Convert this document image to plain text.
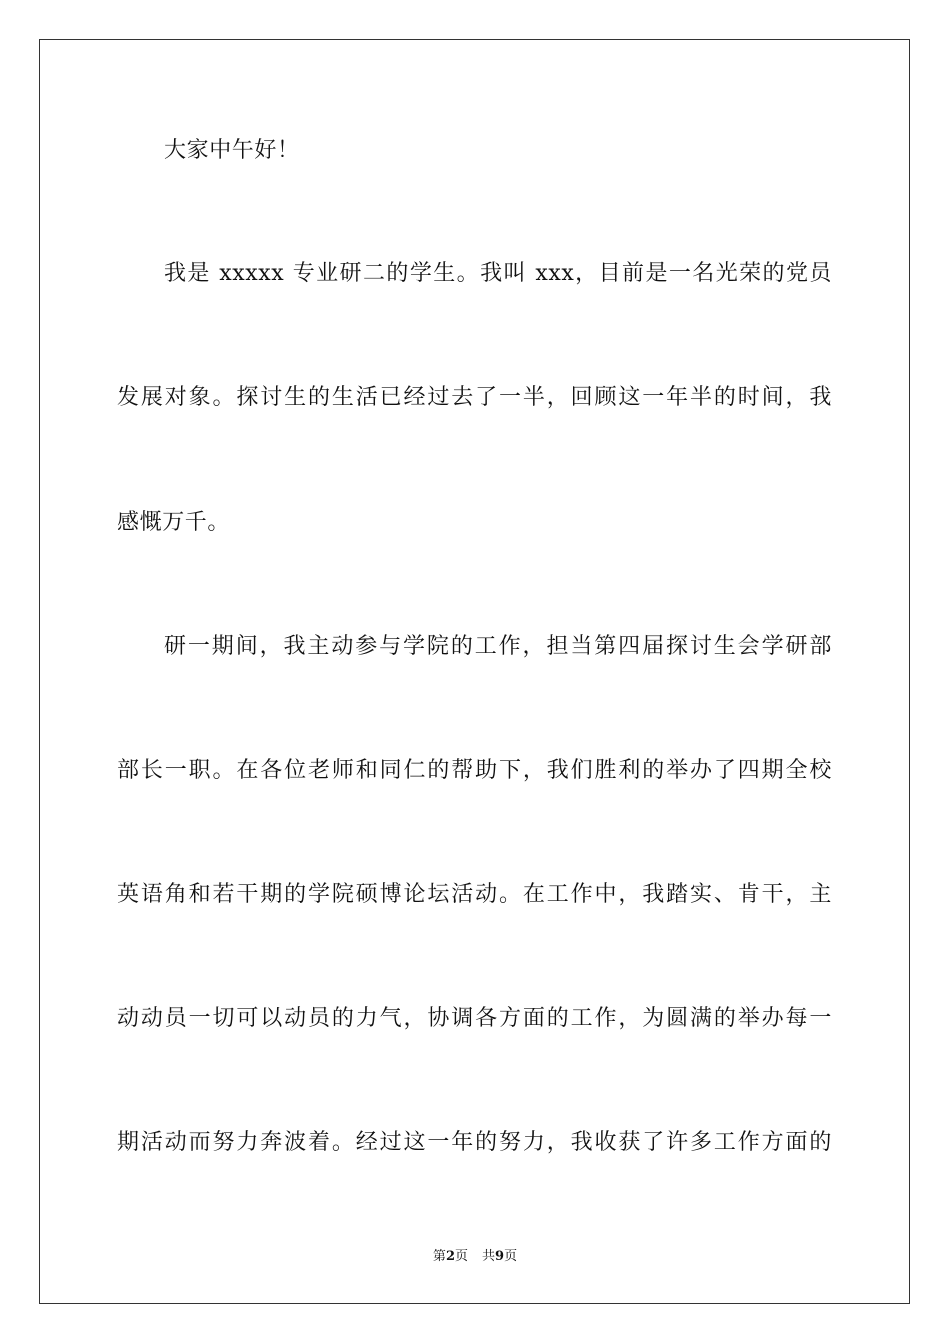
大家中午好！
我是 xxxxx 专业研二的学生。我叫 xxx，目前是一名光荣的党员
发展对象。探讨生的生活已经过去了一半，回顾这一年半的时间，我
感慨万千。
研一期间，我主动参与学院的工作，担当第四届探讨生会学研部
部长一职。在各位老师和同仁的帮助下，我们胜利的举办了四期全校
英语角和若干期的学院硕博论坛活动。在工作中，我踏实、肯干，主
动动员一切可以动员的力气，协调各方面的工作，为圆满的举办每一
期活动而努力奔波着。经过这一年的努力，我收获了许多工作方面的
第2页 共9页
